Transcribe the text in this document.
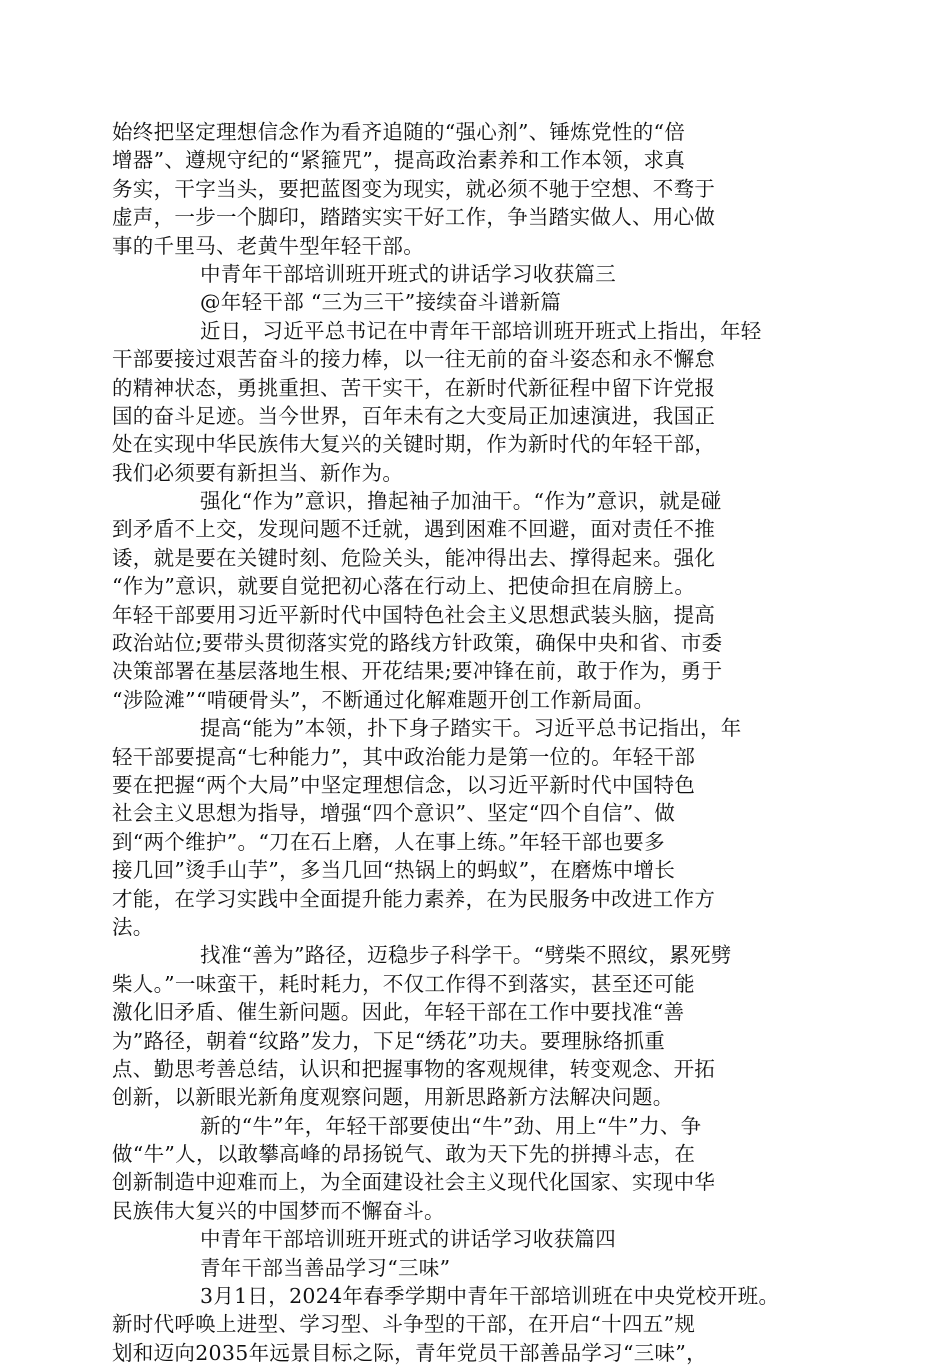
始终把坚定理想信念作为看齐追随的“强心剂”、锤炼党性的“倍
增器”、遵规守纪的“紧箍咒”，提高政治素养和工作本领，求真
务实，干字当头，要把蓝图变为现实，就必须不驰于空想、不骛于
虚声，一步一个脚印，踏踏实实干好工作，争当踏实做人、用心做
事的千里马、老黄牛型年轻干部。
中青年干部培训班开班式的讲话学习收获篇三
@年轻干部 “三为三干”接续奋斗谱新篇
近日，习近平总书记在中青年干部培训班开班式上指出，年轻
干部要接过艰苦奋斗的接力棒，以一往无前的奋斗姿态和永不懈怠
的精神状态，勇挑重担、苦干实干，在新时代新征程中留下许党报
国的奋斗足迹。当今世界，百年未有之大变局正加速演进，我国正
处在实现中华民族伟大复兴的关键时期，作为新时代的年轻干部，
我们必须要有新担当、新作为。
强化“作为”意识，撸起袖子加油干。“作为”意识，就是碰
到矛盾不上交，发现问题不迁就，遇到困难不回避，面对责任不推
诿，就是要在关键时刻、危险关头，能冲得出去、撑得起来。强化
“作为”意识，就要自觉把初心落在行动上、把使命担在肩膀上。
年轻干部要用习近平新时代中国特色社会主义思想武装头脑，提高
政治站位;要带头贯彻落实党的路线方针政策，确保中央和省、市委
决策部署在基层落地生根、开花结果;要冲锋在前，敢于作为，勇于
“涉险滩”“啃硬骨头”，不断通过化解难题开创工作新局面。
提高“能为”本领，扑下身子踏实干。习近平总书记指出，年
轻干部要提高“七种能力”，其中政治能力是第一位的。年轻干部
要在把握“两个大局”中坚定理想信念，以习近平新时代中国特色
社会主义思想为指导，增强“四个意识”、坚定“四个自信”、做
到“两个维护”。“刀在石上磨，人在事上练。”年轻干部也要多
接几回”烫手山芋”，多当几回“热锅上的蚂蚁”，在磨炼中增长
才能，在学习实践中全面提升能力素养，在为民服务中改进工作方
法。
找准“善为”路径，迈稳步子科学干。“劈柴不照纹，累死劈
柴人。”一味蛮干，耗时耗力，不仅工作得不到落实，甚至还可能
激化旧矛盾、催生新问题。因此，年轻干部在工作中要找准“善
为”路径，朝着“纹路”发力，下足“绣花”功夫。要理脉络抓重
点、勤思考善总结，认识和把握事物的客观规律，转变观念、开拓
创新，以新眼光新角度观察问题，用新思路新方法解决问题。
新的“牛”年，年轻干部要使出“牛”劲、用上“牛”力、争
做“牛”人，以敢攀高峰的昂扬锐气、敢为天下先的拼搏斗志，在
创新制造中迎难而上，为全面建设社会主义现代化国家、实现中华
民族伟大复兴的中国梦而不懈奋斗。
中青年干部培训班开班式的讲话学习收获篇四
青年干部当善品学习“三味”
3月1日，2024年春季学期中青年干部培训班在中央党校开班。
新时代呼唤上进型、学习型、斗争型的干部，在开启“十四五”规
划和迈向2035年远景目标之际，青年党员干部善品学习“三味”，
